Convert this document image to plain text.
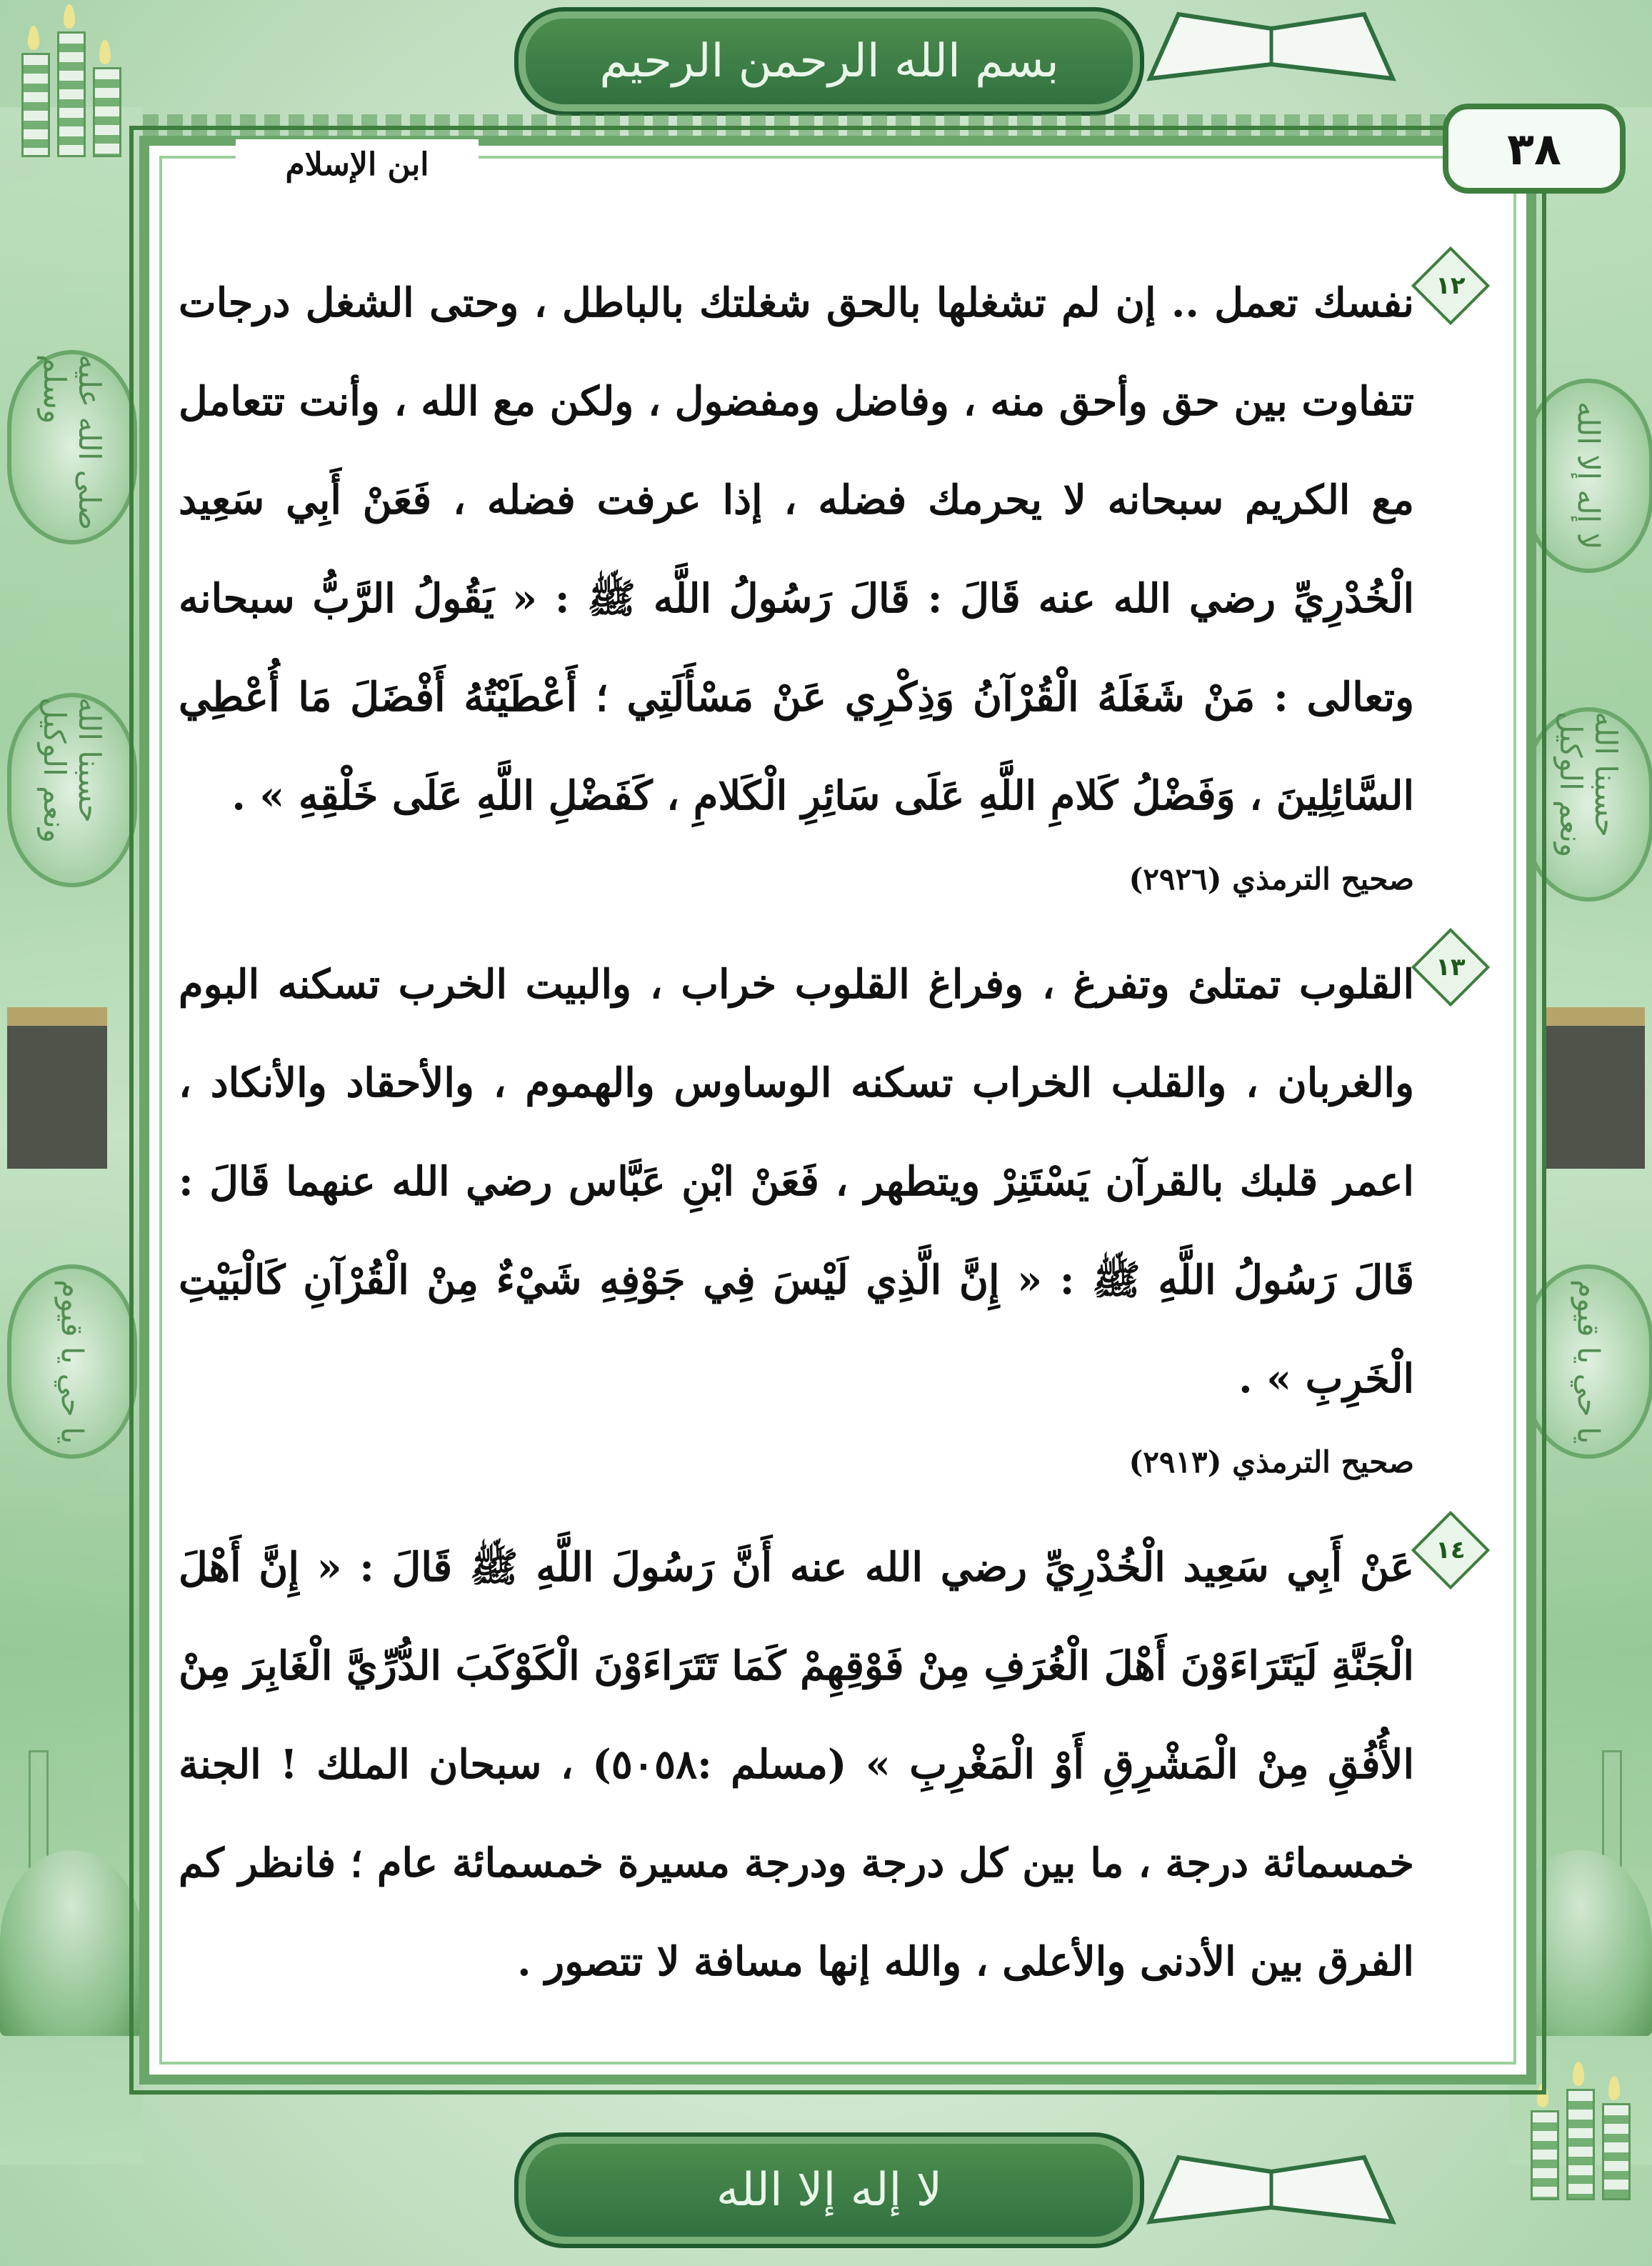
صلى الله عليه وسلم
حسبنا الله ونعم الوكيل
يا حي يا قيوم
لا إله إلا الله
حسبنا الله ونعم الوكيل
يا حي يا قيوم
بسم الله الرحمن الرحيم
ابن الإسلام	٣٨
١٢

نفسك تعمل .. إن لم تشغلها بالحق شغلتك بالباطل ، وحتى الشغل درجات تتفاوت بين حق وأحق منه ، وفاضل ومفضول ، ولكن مع الله ، وأنت تتعامل مع الكريم سبحانه لا يحرمك فضله ، إذا عرفت فضله ، فَعَنْ أَبِي سَعِيد الْخُدْرِيِّ رضي الله عنه قَالَ : قَالَ رَسُولُ اللَّه ﷺ : « يَقُولُ الرَّبُّ سبحانه وتعالى : مَنْ شَغَلَهُ الْقُرْآنُ وَذِكْرِي عَنْ مَسْأَلَتِي ؛ أَعْطَيْتُهُ أَفْضَلَ مَا أُعْطِي السَّائِلِينَ ، وَفَضْلُ كَلامِ اللَّهِ عَلَى سَائِرِ الْكَلامِ ، كَفَضْلِ اللَّهِ عَلَى خَلْقِهِ » .

صحيح الترمذي (٢٩٢٦)

١٣

القلوب تمتلئ وتفرغ ، وفراغ القلوب خراب ، والبيت الخرب تسكنه البوم والغربان ، والقلب الخراب تسكنه الوساوس والهموم ، والأحقاد والأنكاد ، اعمر قلبك بالقرآن يَسْتَنِرْ ويتطهر ، فَعَنْ ابْنِ عَبَّاس رضي الله عنهما قَالَ : قَالَ رَسُولُ اللَّهِ ﷺ : « إِنَّ الَّذِي لَيْسَ فِي جَوْفِهِ شَيْءٌ مِنْ الْقُرْآنِ كَالْبَيْتِ الْخَرِبِ » .

صحيح الترمذي (٢٩١٣)

١٤

عَنْ أَبِي سَعِيد الْخُدْرِيِّ رضي الله عنه أَنَّ رَسُولَ اللَّهِ ﷺ قَالَ : « إِنَّ أَهْلَ الْجَنَّةِ لَيَتَرَاءَوْنَ أَهْلَ الْغُرَفِ مِنْ فَوْقِهِمْ كَمَا تَتَرَاءَوْنَ الْكَوْكَبَ الدُّرِّيَّ الْغَابِرَ مِنْ الأُفُقِ مِنْ الْمَشْرِقِ أَوْ الْمَغْرِبِ » (مسلم :٥٠٥٨) ، سبحان الملك ! الجنة خمسمائة درجة ، ما بين كل درجة ودرجة مسيرة خمسمائة عام ؛ فانظر كم الفرق بين الأدنى والأعلى ، والله إنها مسافة لا تتصور .

لا إله إلا الله
